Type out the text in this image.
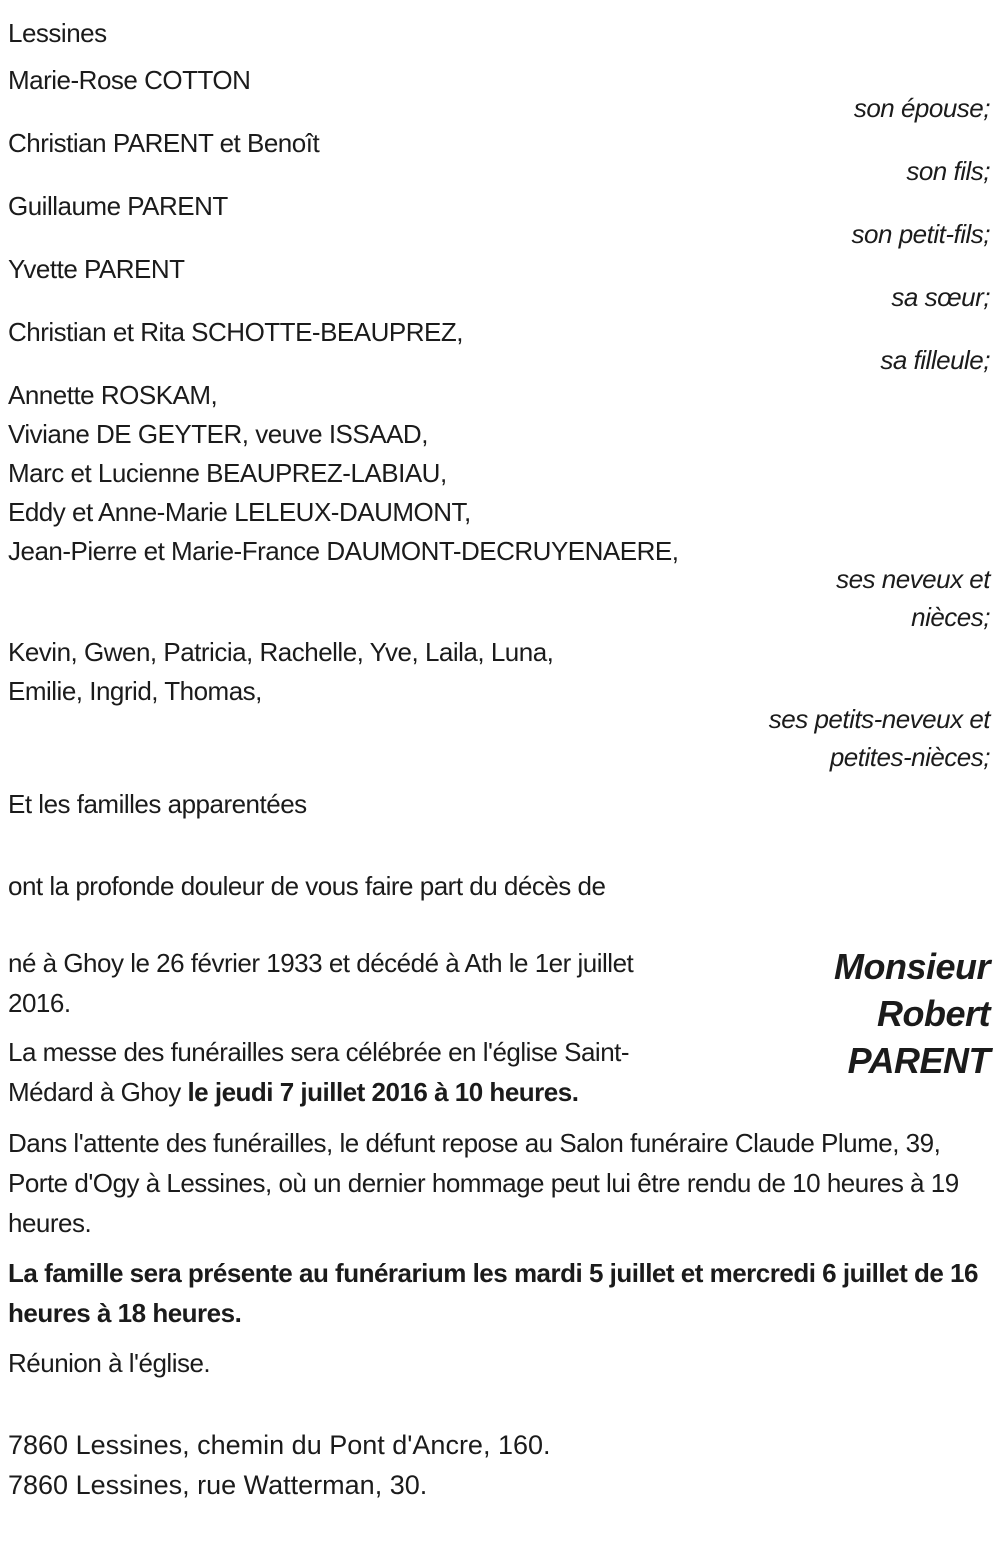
Lessines
Marie-Rose COTTON
son épouse;
Christian PARENT et Benoît
son fils;
Guillaume PARENT
son petit-fils;
Yvette PARENT
sa sœur;
Christian et Rita SCHOTTE-BEAUPREZ,
sa filleule;
Annette ROSKAM,
Viviane DE GEYTER, veuve ISSAAD,
Marc et Lucienne BEAUPREZ-LABIAU,
Eddy et Anne-Marie LELEUX-DAUMONT,
Jean-Pierre et Marie-France DAUMONT-DECRUYENAERE,
ses neveux et
nièces;
Kevin, Gwen, Patricia, Rachelle, Yve, Laila, Luna,
Emilie, Ingrid, Thomas,
ses petits-neveux et
petites-nièces;
Et les familles apparentées

ont la profonde douleur de vous faire part du décès de

né à Ghoy le 26 février 1933 et décédé à Ath le 1er juillet 2016.

La messe des funérailles sera célébrée en l'église Saint-Médard à Ghoy le jeudi 7 juillet 2016 à 10 heures.

Monsieur
Robert
PARENT

Dans l'attente des funérailles, le défunt repose au Salon funéraire Claude Plume, 39, Porte d'Ogy à Lessines, où un dernier hommage peut lui être rendu de 10 heures à 19 heures.

La famille sera présente au funérarium les mardi 5 juillet et mercredi 6 juillet de 16 heures à 18 heures.

Réunion à l'église.

7860 Lessines, chemin du Pont d'Ancre, 160.
7860 Lessines, rue Watterman, 30.
